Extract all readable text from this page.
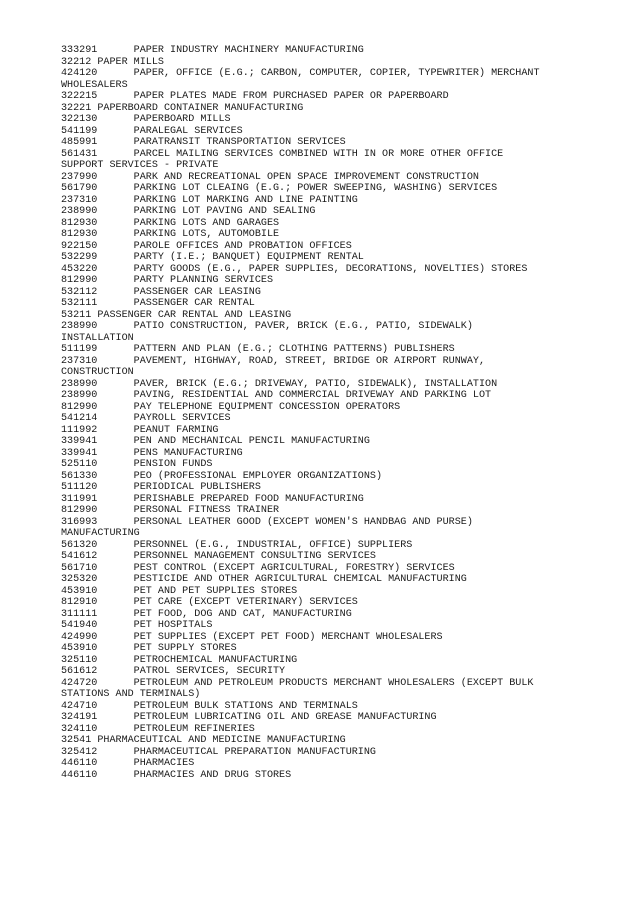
333291      PAPER INDUSTRY MACHINERY MANUFACTURING
32212 PAPER MILLS
424120      PAPER, OFFICE (E.G.; CARBON, COMPUTER, COPIER, TYPEWRITER) MERCHANT
WHOLESALERS
322215      PAPER PLATES MADE FROM PURCHASED PAPER OR PAPERBOARD
32221 PAPERBOARD CONTAINER MANUFACTURING
322130      PAPERBOARD MILLS
541199      PARALEGAL SERVICES
485991      PARATRANSIT TRANSPORTATION SERVICES
561431      PARCEL MAILING SERVICES COMBINED WITH IN OR MORE OTHER OFFICE
SUPPORT SERVICES - PRIVATE
237990      PARK AND RECREATIONAL OPEN SPACE IMPROVEMENT CONSTRUCTION
561790      PARKING LOT CLEAING (E.G.; POWER SWEEPING, WASHING) SERVICES
237310      PARKING LOT MARKING AND LINE PAINTING
238990      PARKING LOT PAVING AND SEALING
812930      PARKING LOTS AND GARAGES
812930      PARKING LOTS, AUTOMOBILE
922150      PAROLE OFFICES AND PROBATION OFFICES
532299      PARTY (I.E.; BANQUET) EQUIPMENT RENTAL
453220      PARTY GOODS (E.G., PAPER SUPPLIES, DECORATIONS, NOVELTIES) STORES
812990      PARTY PLANNING SERVICES
532112      PASSENGER CAR LEASING
532111      PASSENGER CAR RENTAL
53211 PASSENGER CAR RENTAL AND LEASING
238990      PATIO CONSTRUCTION, PAVER, BRICK (E.G., PATIO, SIDEWALK)
INSTALLATION
511199      PATTERN AND PLAN (E.G.; CLOTHING PATTERNS) PUBLISHERS
237310      PAVEMENT, HIGHWAY, ROAD, STREET, BRIDGE OR AIRPORT RUNWAY,
CONSTRUCTION
238990      PAVER, BRICK (E.G.; DRIVEWAY, PATIO, SIDEWALK), INSTALLATION
238990      PAVING, RESIDENTIAL AND COMMERCIAL DRIVEWAY AND PARKING LOT
812990      PAY TELEPHONE EQUIPMENT CONCESSION OPERATORS
541214      PAYROLL SERVICES
111992      PEANUT FARMING
339941      PEN AND MECHANICAL PENCIL MANUFACTURING
339941      PENS MANUFACTURING
525110      PENSION FUNDS
561330      PEO (PROFESSIONAL EMPLOYER ORGANIZATIONS)
511120      PERIODICAL PUBLISHERS
311991      PERISHABLE PREPARED FOOD MANUFACTURING
812990      PERSONAL FITNESS TRAINER
316993      PERSONAL LEATHER GOOD (EXCEPT WOMEN'S HANDBAG AND PURSE)
MANUFACTURING
561320      PERSONNEL (E.G., INDUSTRIAL, OFFICE) SUPPLIERS
541612      PERSONNEL MANAGEMENT CONSULTING SERVICES
561710      PEST CONTROL (EXCEPT AGRICULTURAL, FORESTRY) SERVICES
325320      PESTICIDE AND OTHER AGRICULTURAL CHEMICAL MANUFACTURING
453910      PET AND PET SUPPLIES STORES
812910      PET CARE (EXCEPT VETERINARY) SERVICES
311111      PET FOOD, DOG AND CAT, MANUFACTURING
541940      PET HOSPITALS
424990      PET SUPPLIES (EXCEPT PET FOOD) MERCHANT WHOLESALERS
453910      PET SUPPLY STORES
325110      PETROCHEMICAL MANUFACTURING
561612      PATROL SERVICES, SECURITY
424720      PETROLEUM AND PETROLEUM PRODUCTS MERCHANT WHOLESALERS (EXCEPT BULK
STATIONS AND TERMINALS)
424710      PETROLEUM BULK STATIONS AND TERMINALS
324191      PETROLEUM LUBRICATING OIL AND GREASE MANUFACTURING
324110      PETROLEUM REFINERIES
32541 PHARMACEUTICAL AND MEDICINE MANUFACTURING
325412      PHARMACEUTICAL PREPARATION MANUFACTURING
446110      PHARMACIES
446110      PHARMACIES AND DRUG STORES
